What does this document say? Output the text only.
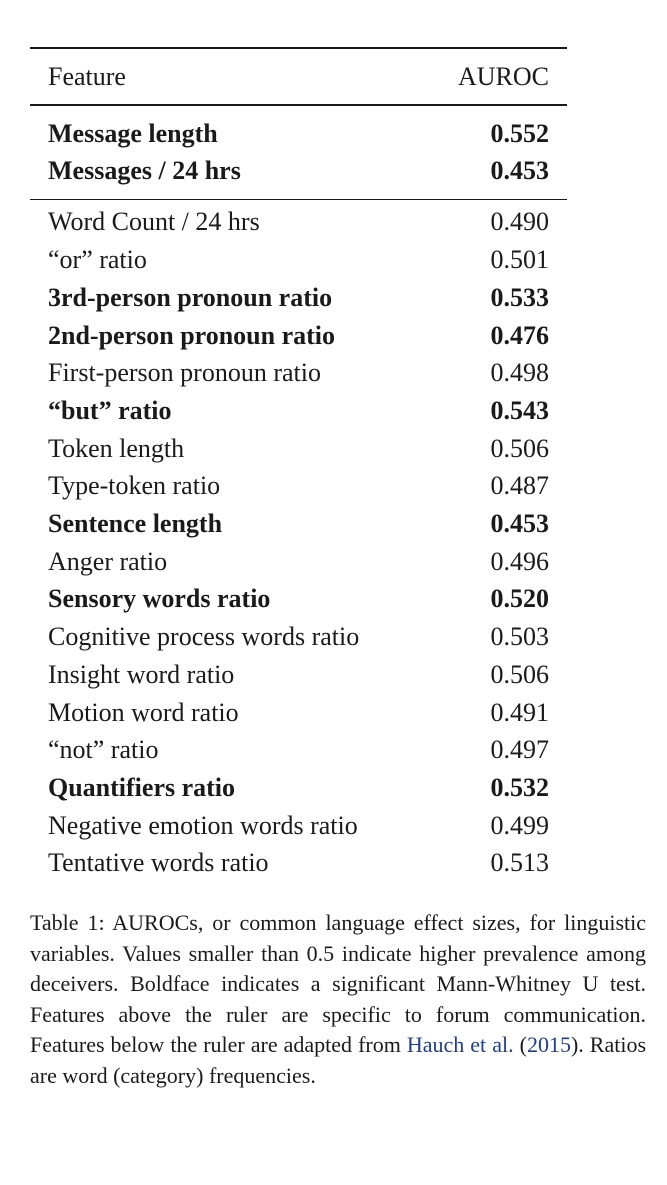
Feature	AUROC
Message length	0.552
Messages / 24 hrs	0.453
Word Count / 24 hrs	0.490
“or” ratio	0.501
3rd-person pronoun ratio	0.533
2nd-person pronoun ratio	0.476
First-person pronoun ratio	0.498
“but” ratio	0.543
Token length	0.506
Type-token ratio	0.487
Sentence length	0.453
Anger ratio	0.496
Sensory words ratio	0.520
Cognitive process words ratio	0.503
Insight word ratio	0.506
Motion word ratio	0.491
“not” ratio	0.497
Quantifiers ratio	0.532
Negative emotion words ratio	0.499
Tentative words ratio	0.513
Table 1: AUROCs, or common language effect sizes, for linguistic variables. Values smaller than 0.5 indicate higher prevalence among deceivers. Boldface indicates a significant Mann-Whitney U test. Features above the ruler are specific to forum communication. Features below the ruler are adapted from Hauch et al. (2015). Ratios are word (category) frequencies.
